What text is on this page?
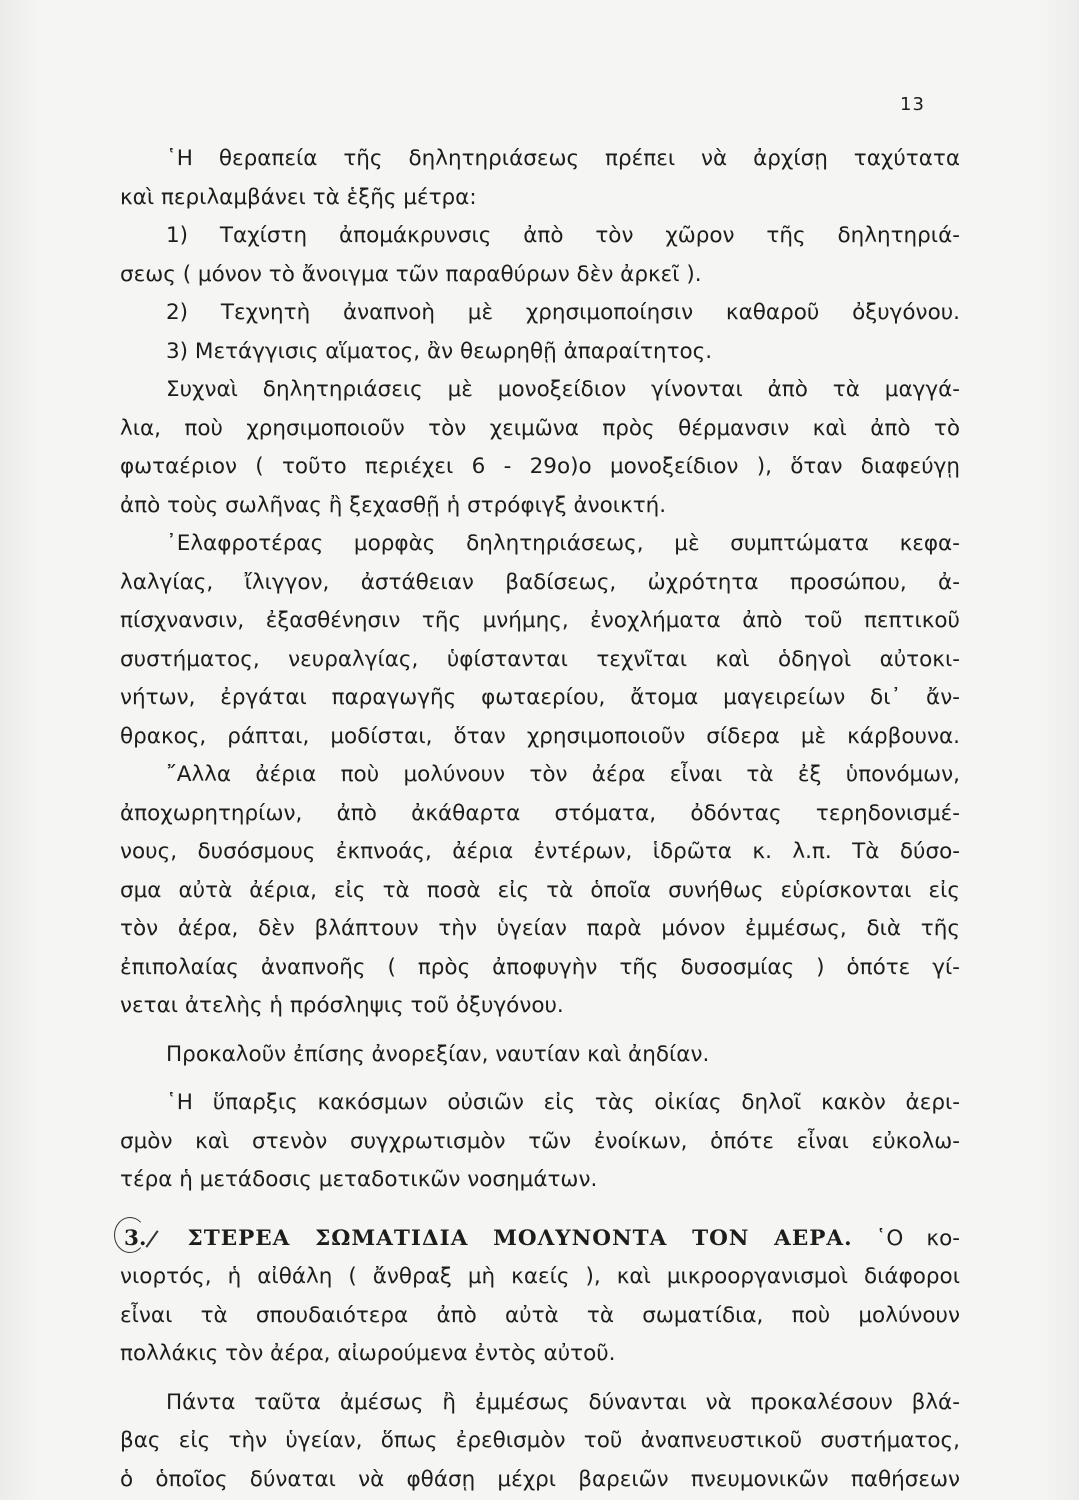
13
῾Η θεραπεία τῆς δηλητηριάσεως πρέπει νὰ ἀρχίσῃ ταχύτατα
καὶ περιλαμβάνει τὰ ἑξῆς μέτρα:
1) Ταχίστη ἀπομάκρυνσις ἀπὸ τὸν χῶρον τῆς δηλητηριά-
σεως ( μόνον τὸ ἄνοιγμα τῶν παραθύρων δὲν ἀρκεῖ ).
2) Τεχνητὴ ἀναπνοὴ μὲ χρησιμοποίησιν καθαροῦ ὀξυγόνου.
3) Μετάγγισις αἵματος, ἂν θεωρηθῇ ἀπαραίτητος.
Συχναὶ δηλητηριάσεις μὲ μονοξείδιον γίνονται ἀπὸ τὰ μαγγά-
λια, ποὺ χρησιμοποιοῦν τὸν χειμῶνα πρὸς θέρμανσιν καὶ ἀπὸ τὸ
φωταέριον ( τοῦτο περιέχει 6 - 29ο)ο μονοξείδιον ), ὅταν διαφεύγῃ
ἀπὸ τοὺς σωλῆνας ἢ ξεχασθῇ ἡ στρόφιγξ ἀνοικτή.
᾿Ελαφροτέρας μορφὰς δηλητηριάσεως, μὲ συμπτώματα κεφα-
λαλγίας, ἴλιγγον, ἀστάθειαν βαδίσεως, ὠχρότητα προσώπου, ἀ-
πίσχνανσιν, ἐξασθένησιν τῆς μνήμης, ἐνοχλήματα ἀπὸ τοῦ πεπτικοῦ
συστήματος, νευραλγίας, ὑφίστανται τεχνῖται καὶ ὁδηγοὶ αὐτοκι-
νήτων, ἐργάται παραγωγῆς φωταερίου, ἄτομα μαγειρείων δι᾽ ἄν-
θρακος, ράπται, μοδίσται, ὅταν χρησιμοποιοῦν σίδερα μὲ κάρβουνα.
῎Αλλα ἀέρια ποὺ μολύνουν τὸν ἀέρα εἶναι τὰ ἐξ ὑπονόμων,
ἀποχωρητηρίων, ἀπὸ ἀκάθαρτα στόματα, ὀδόντας τερηδονισμέ-
νους, δυσόσμους ἐκπνοάς, ἀέρια ἐντέρων, ἱδρῶτα κ. λ.π. Τὰ δύσο-
σμα αὐτὰ ἀέρια, εἰς τὰ ποσὰ εἰς τὰ ὁποῖα συνήθως εὑρίσκονται εἰς
τὸν ἀέρα, δὲν βλάπτουν τὴν ὑγείαν παρὰ μόνον ἐμμέσως, διὰ τῆς
ἐπιπολαίας ἀναπνοῆς ( πρὸς ἀποφυγὴν τῆς δυσοσμίας ) ὁπότε γί-
νεται ἀτελὴς ἡ πρόσληψις τοῦ ὀξυγόνου.
Προκαλοῦν ἐπίσης ἀνορεξίαν, ναυτίαν καὶ ἀηδίαν.
῾Η ὕπαρξις κακόσμων οὐσιῶν εἰς τὰς οἰκίας δηλοῖ κακὸν ἀερι-
σμὸν καὶ στενὸν συγχρωτισμὸν τῶν ἐνοίκων, ὁπότε εἶναι εὐκολω-
τέρα ἡ μετάδοσις μεταδοτικῶν νοσημάτων.
3. ΣΤΕΡΕΑ ΣΩΜΑΤΙΔΙΑ ΜΟΛΥΝΟΝΤΑ ΤΟΝ ΑΕΡΑ. ῾Ο κο-
νιορτός, ἡ αἰθάλη ( ἄνθραξ μὴ καείς ), καὶ μικροοργανισμοὶ διάφοροι
εἶναι τὰ σπουδαιότερα ἀπὸ αὐτὰ τὰ σωματίδια, ποὺ μολύνουν
πολλάκις τὸν ἀέρα, αἰωρούμενα ἐντὸς αὐτοῦ.
Πάντα ταῦτα ἀμέσως ἢ ἐμμέσως δύνανται νὰ προκαλέσουν βλά-
βας εἰς τὴν ὑγείαν, ὅπως ἐρεθισμὸν τοῦ ἀναπνευστικοῦ συστήματος,
ὁ ὁποῖος δύναται νὰ φθάσῃ μέχρι βαρειῶν πνευμονικῶν παθήσεων
